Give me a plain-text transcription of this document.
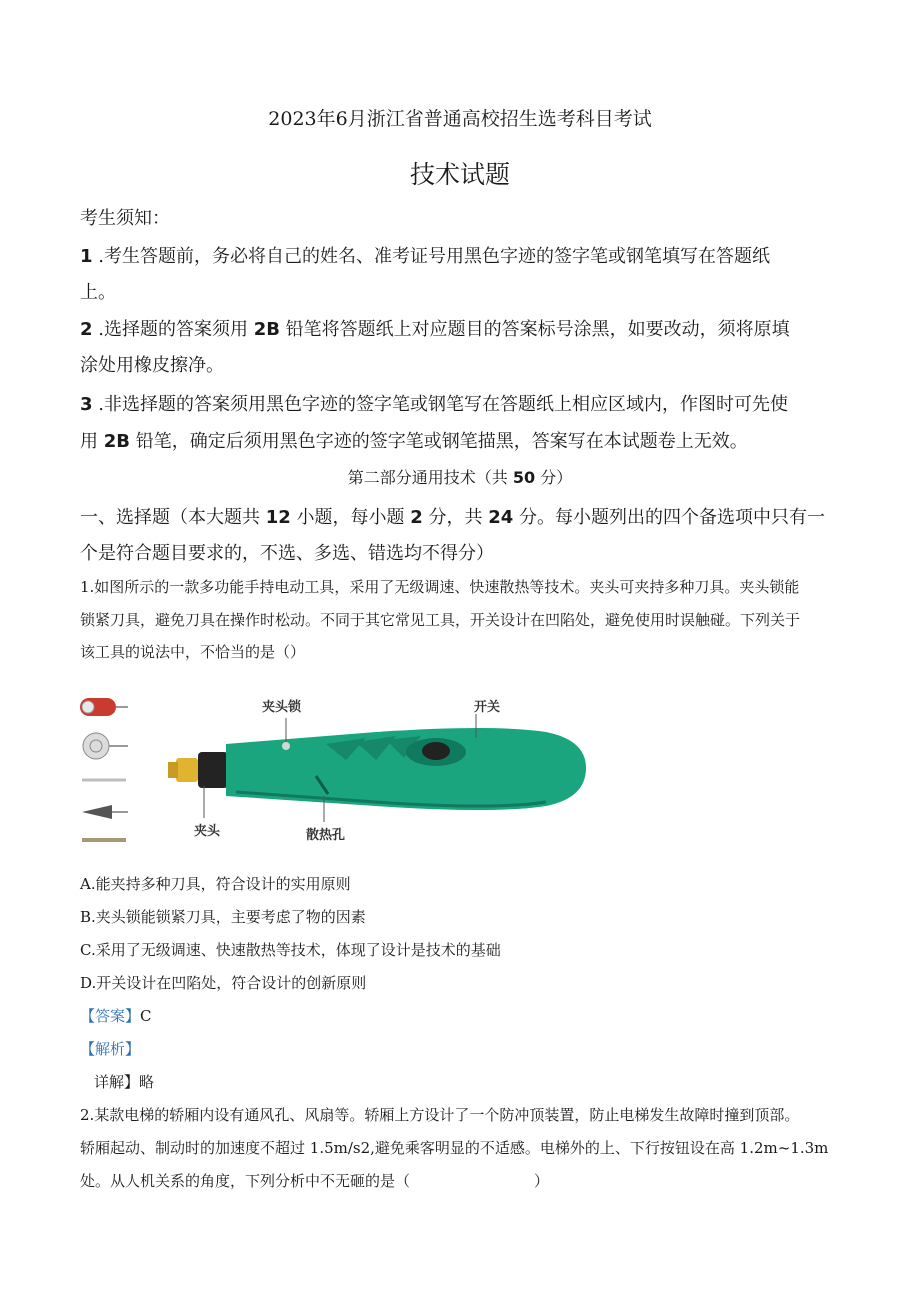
2023年6月浙江省普通高校招生选考科目考试
技术试题
考生须知：
1 .考生答题前，务必将自己的姓名、准考证号用黑色字迹的签字笔或钢笔填写在答题纸
上。
2 .选择题的答案须用 2B 铅笔将答题纸上对应题目的答案标号涂黑，如要改动，须将原填
涂处用橡皮擦净。
3 .非选择题的答案须用黑色字迹的签字笔或钢笔写在答题纸上相应区域内，作图时可先使
用 2B 铅笔，确定后须用黑色字迹的签字笔或钢笔描黑，答案写在本试题卷上无效。
第二部分通用技术（共 50 分）
一、选择题（本大题共 12 小题，每小题 2 分，共 24 分。每小题列出的四个备选项中只有一
个是符合题目要求的，不选、多选、错选均不得分）
1.如图所示的一款多功能手持电动工具，采用了无级调速、快速散热等技术。夹头可夹持多种刀具。夹头锁能
锁紧刀具，避免刀具在操作时松动。不同于其它常见工具，开关设计在凹陷处，避免使用时误触碰。下列关于
该工具的说法中，不恰当的是（）
夹头锁	开关
夹头	散热孔
A.能夹持多种刀具，符合设计的实用原则
B.夹头锁能锁紧刀具，主要考虑了物的因素
C.采用了无级调速、快速散热等技术，体现了设计是技术的基础
D.开关设计在凹陷处，符合设计的创新原则
【答案】C
【解析】
详解】略
2.某款电梯的轿厢内设有通风孔、风扇等。轿厢上方设计了一个防冲顶装置，防止电梯发生故障时撞到顶部。
轿厢起动、制动时的加速度不超过 1.5m/s2,避免乘客明显的不适感。电梯外的上、下行按钮设在高 1.2m~1.3m
处。从人机关系的角度，下列分析中不无砸的是（                          ）
